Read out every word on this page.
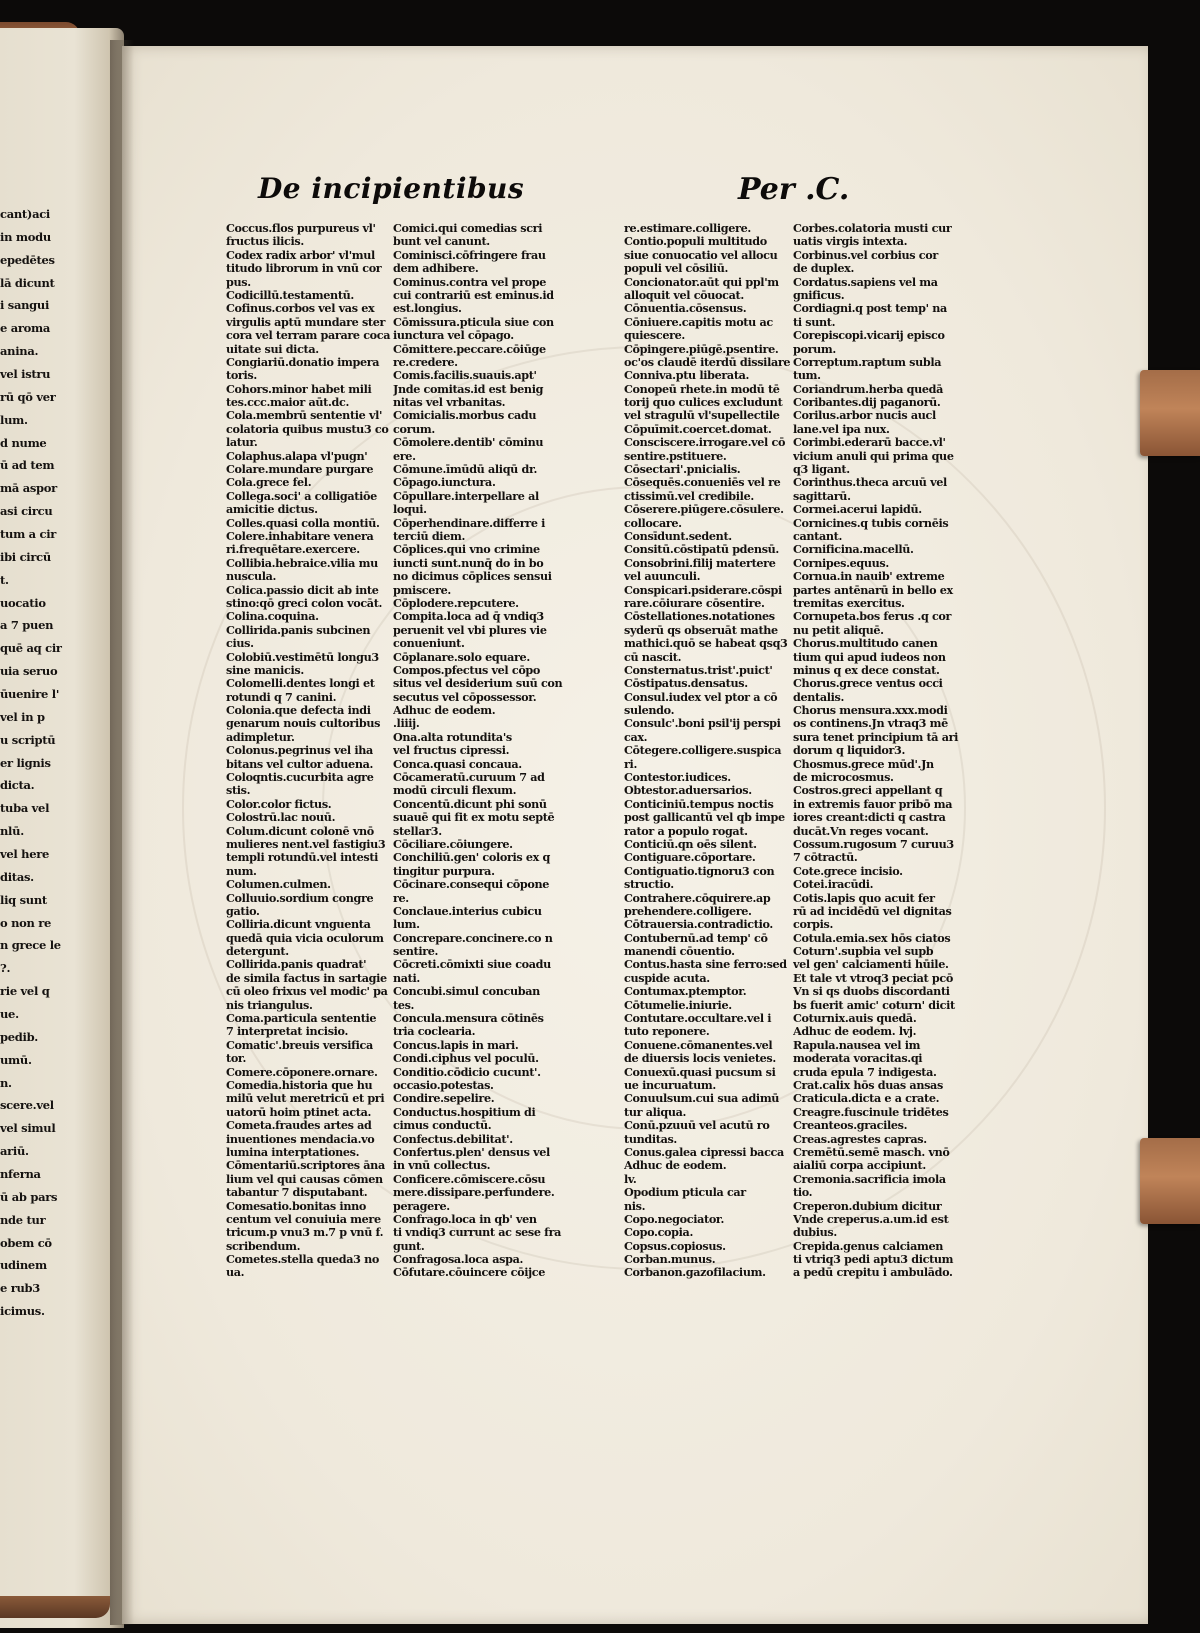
cant)aci
in modu
epedētes
lā dicunt
i sangui
e aroma
anina.
vel istru
rū qō ver
lum.
d nume
ū ad tem
mā aspor
asi circu
tum a cir
ibi circū
t.
uocatio
a 7 puen
quē aq cir
uia seruo
ūuenire l'
vel in p
u scriptū
er lignis
dicta.
tuba vel
nlū.
vel here
ditas.
liq sunt
o non re
n grece le
?.
rie vel q
ue.
pedib.
umū.
n.
scere.vel
vel simul
ariū.
nferna
ū ab pars
nde tur
obem cō
udinem
e rub3
icimus.
De incipientibus	Per .C.
Coccus.flos purpureus vl'
fructus ilicis.
Codex radix arbor' vl'mul
titudo librorum in vnū cor
pus.
Codicillū.testamentū.
Cofinus.corbos vel vas ex
virgulis aptū mundare ster
cora vel terram parare coca
uitate sui dicta.
Congiariū.donatio impera
toris.
Cohors.minor habet mili
tes.ccc.maior aūt.dc.
Cola.membrū sententie vl'
colatoria quibus mustu3 co
latur.
Colaphus.alapa vl'pugn'
Colare.mundare purgare
Cola.grece fel.
Collega.soci' a colligatiōe
amicitie dictus.
Colles.quasi colla montiū.
Colere.inhabitare venera
ri.frequētare.exercere.
Collibia.hebraice.vilia mu
nuscula.
Colica.passio dicit ab inte
stino:qō greci colon vocāt.
Colina.coquina.
Collirida.panis subcinen
cius.
Colobiū.vestimētū longu3
sine manicis.
Colomelli.dentes longi et
rotundi q 7 canini.
Colonia.que defecta indi
genarum nouis cultoribus
adimpletur.
Colonus.pegrinus vel iha
bitans vel cultor aduena.
Coloqntis.cucurbita agre
stis.
Color.color fictus.
Colostrū.lac nouū.
Colum.dicunt colonē vnō
mulieres nent.vel fastigiu3
templi rotundū.vel intesti
num.
Columen.culmen.
Colluuio.sordium congre
gatio.
Colliria.dicunt vnguenta
quedā quia vicia oculorum
detergunt.
Collirida.panis quadrat'
de simila factus in sartagie
cū oleo frixus vel modic' pa
nis triangulus.
Coma.particula sententie
7 interpretat incisio.
Comatic'.breuis versifica
tor.
Comere.cōponere.ornare.
Comedia.historia que hu
milū velut meretricū et pri
uatorū hoim ptinet acta.
Cometa.fraudes artes ad
inuentiones mendacia.vo
lumina interptationes.
Cōmentariū.scriptores āna
lium vel qui causas cōmen
tabantur 7 disputabant.
Comesatio.bonitas inno
centum vel conuiuia mere
tricum.p vnu3 m.7 p vnū f.
scribendum.
Cometes.stella queda3 no
ua.
Comici.qui comedias scri
bunt vel canunt.
Cominisci.cōfringere frau
dem adhibere.
Cominus.contra vel prope
cui contrariū est eminus.id
est.longius.
Cōmissura.pticula siue con
iunctura vel cōpago.
Cōmittere.peccare.cōiūge
re.credere.
Comis.facilis.suauis.apt'
Jnde comitas.id est benig
nitas vel vrbanitas.
Comicialis.morbus cadu
corum.
Cōmolere.dentib' cōminu
ere.
Cōmune.īmūdū aliqū dr.
Cōpago.iunctura.
Cōpullare.interpellare al
loqui.
Cōperhendinare.differre i
terciū diem.
Cōplices.qui vno crimine
iuncti sunt.nunq̄ do in bo
no dicimus cōplices sensui
pmiscere.
Cōplodere.repcutere.
Compita.loca ad q̄ vndiq3
peruenit vel vbi plures vie
conueniunt.
Cōplanare.solo equare.
Compos.pfectus vel cōpo
situs vel desiderium suū con
secutus vel cōpossessor.
Adhuc de eodem.
.liiij.
Ona.alta rotundita's
vel fructus cipressi.
Conca.quasi concaua.
Cōcameratū.curuum 7 ad
modū circuli flexum.
Concentū.dicunt phi sonū
suauē qui fit ex motu septē
stellar3.
Cōciliare.cōiungere.
Conchiliū.gen' coloris ex q
tingitur purpura.
Cōcinare.consequi cōpone
re.
Conclaue.interius cubicu
lum.
Concrepare.concinere.co n
sentire.
Cōcreti.cōmixti siue coadu
nati.
Concubi.simul concuban
tes.
Concula.mensura cōtinēs
tria coclearia.
Concus.lapis in mari.
Condi.ciphus vel poculū.
Conditio.cōdicio cucunt'.
occasio.potestas.
Condire.sepelire.
Conductus.hospitium di
cimus conductū.
Confectus.debilitat'.
Confertus.plen' densus vel
in vnū collectus.
Conficere.cōmiscere.cōsu
mere.dissipare.perfundere.
peragere.
Confrago.loca in qb' ven
ti vndiq3 currunt ac sese fra
gunt.
Confragosa.loca aspa.
Cōfutare.cōuincere cōijce
re.estimare.colligere.
Contio.populi multitudo
siue conuocatio vel allocu
populi vel cōsiliū.
Concionator.aūt qui ppl'm
alloquit vel cōuocat.
Cōnuentia.cōsensus.
Cōniuere.capitis motu ac
quiescere.
Cōpingere.piūgē.psentire.
oc'os claudē iterdū dissilare
Conniva.ptu liberata.
Conopeū rhete.in modū tē
torij quo culices excludunt
vel stragulū vl'supellectile
Cōpuīmit.coercet.domat.
Consciscere.irrogare.vel cō
sentire.pstituere.
Cōsectari'.pnicialis.
Cōsequēs.conueniēs vel re
ctissimū.vel credibile.
Cōserere.piūgere.cōsulere.
collocare.
Consīdunt.sedent.
Consitū.cōstipatū pdensū.
Consobrini.filij matertere
vel auunculi.
Conspicari.psiderare.cōspi
rare.cōiurare cōsentire.
Cōstellationes.notationes
syderū qs obseruāt mathe
mathici.quō se habeat qsq3
cū nascit.
Consternatus.trist'.puict'
Cōstipatus.densatus.
Consul.iudex vel ptor a cō
sulendo.
Consulc'.boni psil'ij perspi
cax.
Cōtegere.colligere.suspica
ri.
Contestor.iudices.
Obtestor.aduersarios.
Conticiniū.tempus noctis
post gallicantū vel qb impe
rator a populo rogat.
Conticiū.qn oēs silent.
Contiguare.cōportare.
Contiguatio.tignoru3 con
structio.
Contrahere.cōquirere.ap
prehendere.colligere.
Cōtrauersia.contradictio.
Contubernū.ad temp' cō
manendi cōuentio.
Contus.hasta sine ferro:sed
cuspide acuta.
Contumax.ptemptor.
Cōtumelie.iniurie.
Contutare.occultare.vel i
tuto reponere.
Conuene.cōmanentes.vel
de diuersis locis venietes.
Conuexū.quasi pucsum si
ue incuruatum.
Conuulsum.cui sua adimū
tur aliqua.
Conū.pzuuū vel acutū ro
tunditas.
Conus.galea cipressi bacca
Adhuc de eodem.
lv.
Opodium pticula car
nis.
Copo.negociator.
Copo.copia.
Copsus.copiosus.
Corban.munus.
Corbanon.gazofilacium.
Corbes.colatoria musti cur
uatis virgis intexta.
Corbinus.vel corbius cor
de duplex.
Cordatus.sapiens vel ma
gnificus.
Cordiagni.q post temp' na
ti sunt.
Corepiscopi.vicarij episco
porum.
Correptum.raptum subla
tum.
Coriandrum.herba quedā
Coribantes.dij paganorū.
Corilus.arbor nucis aucl
lane.vel ipa nux.
Corimbi.ederarū bacce.vl'
vicium anuli qui prima que
q3 ligant.
Corinthus.theca arcuū vel
sagittarū.
Cormei.acerui lapidū.
Cornicines.q tubis cornēis
cantant.
Cornificina.macellū.
Cornipes.equus.
Cornua.in nauib' extreme
partes antēnarū in bello ex
tremitas exercitus.
Cornupeta.bos ferus .q cor
nu petit aliquē.
Chorus.multitudo canen
tium qui apud iudeos non
minus q ex dece constat.
Chorus.grece ventus occi
dentalis.
Chorus mensura.xxx.modi
os continens.Jn vtraq3 mē
sura tenet principium tā ari
dorum q liquidor3.
Chosmus.grece mūd'.Jn
de microcosmus.
Costros.greci appellant q
in extremis fauor pribō ma
iores creant:dicti q castra
ducāt.Vn reges vocant.
Cossum.rugosum 7 curuu3
7 cōtractū.
Cote.grece incisio.
Cotei.iracūdi.
Cotis.lapis quo acuit fer
rū ad incidēdū vel dignitas
corpis.
Cotula.emia.sex hōs ciatos
Coturn'.supbia vel supb
vel gen' calciamenti hūile.
Et tale vt vtroq3 peciat pcō
Vn si qs duobs discordanti
bs fuerit amic' coturn' dicit
Coturnix.auis quedā.
Adhuc de eodem. lvj.
Rapula.nausea vel im
moderata voracitas.qi
cruda epula 7 indigesta.
Crat.calix hōs duas ansas
Craticula.dicta e a crate.
Creagre.fuscinule tridētes
Creanteos.graciles.
Creas.agrestes capras.
Cremētū.semē masch. vnō
aialiū corpa accipiunt.
Cremonia.sacrificia imola
tio.
Creperon.dubium dicitur
Vnde creperus.a.um.id est
dubius.
Crepida.genus calciamen
ti vtriq3 pedi aptu3 dictum
a pedū crepitu i ambulādo.
